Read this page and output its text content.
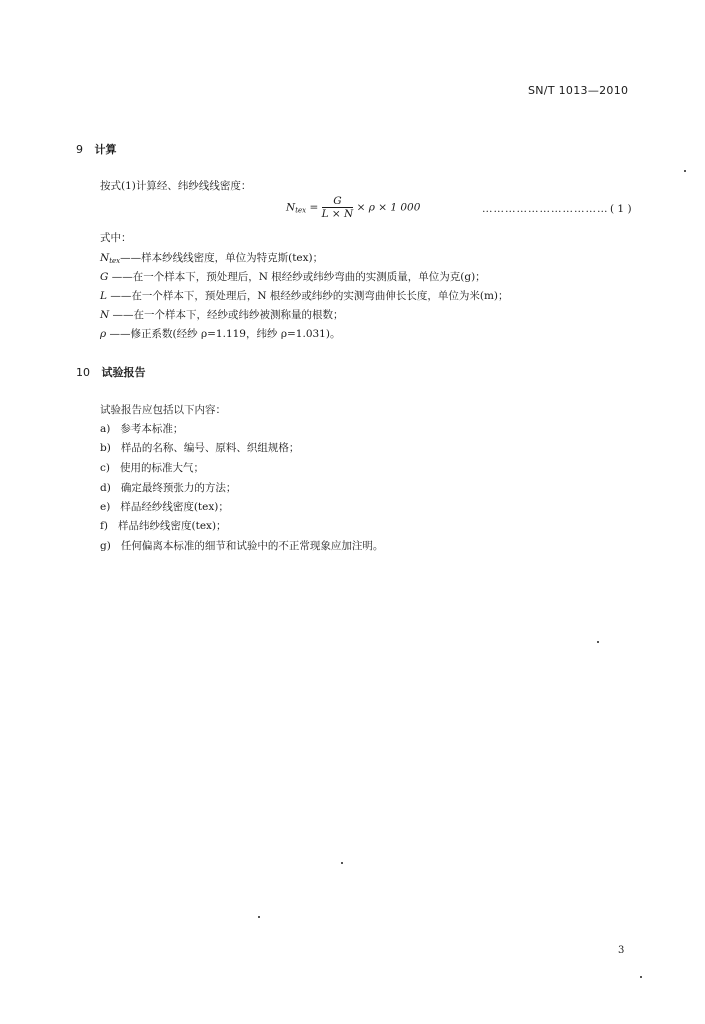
SN/T 1013—2010
9 计算
按式(1)计算经、纬纱线线密度：
$N_{tex} = \frac{G}{L \times N} \times \rho \times 1$ 000	…………………………… ( 1 )
式中：
$N_{tex}——$样本纱线线密度，单位为特克斯(tex)；
G ——在一个样本下，预处理后，N 根经纱或纬纱弯曲的实测质量，单位为克(g)；
L ——在一个样本下，预处理后，N 根经纱或纬纱的实测弯曲伸长长度，单位为米(m)；
N ——在一个样本下，经纱或纬纱被测称量的根数；
ρ ——修正系数(经纱 ρ=1.119，纬纱 ρ=1.031)。
10 试验报告
试验报告应包括以下内容：
a) 参考本标准；
b) 样品的名称、编号、原料、织组规格；
c) 使用的标准大气；
d) 确定最终预张力的方法；
e) 样品经纱线密度(tex)；
f) 样品纬纱线密度(tex)；
g) 任何偏离本标准的细节和试验中的不正常现象应加注明。
3
